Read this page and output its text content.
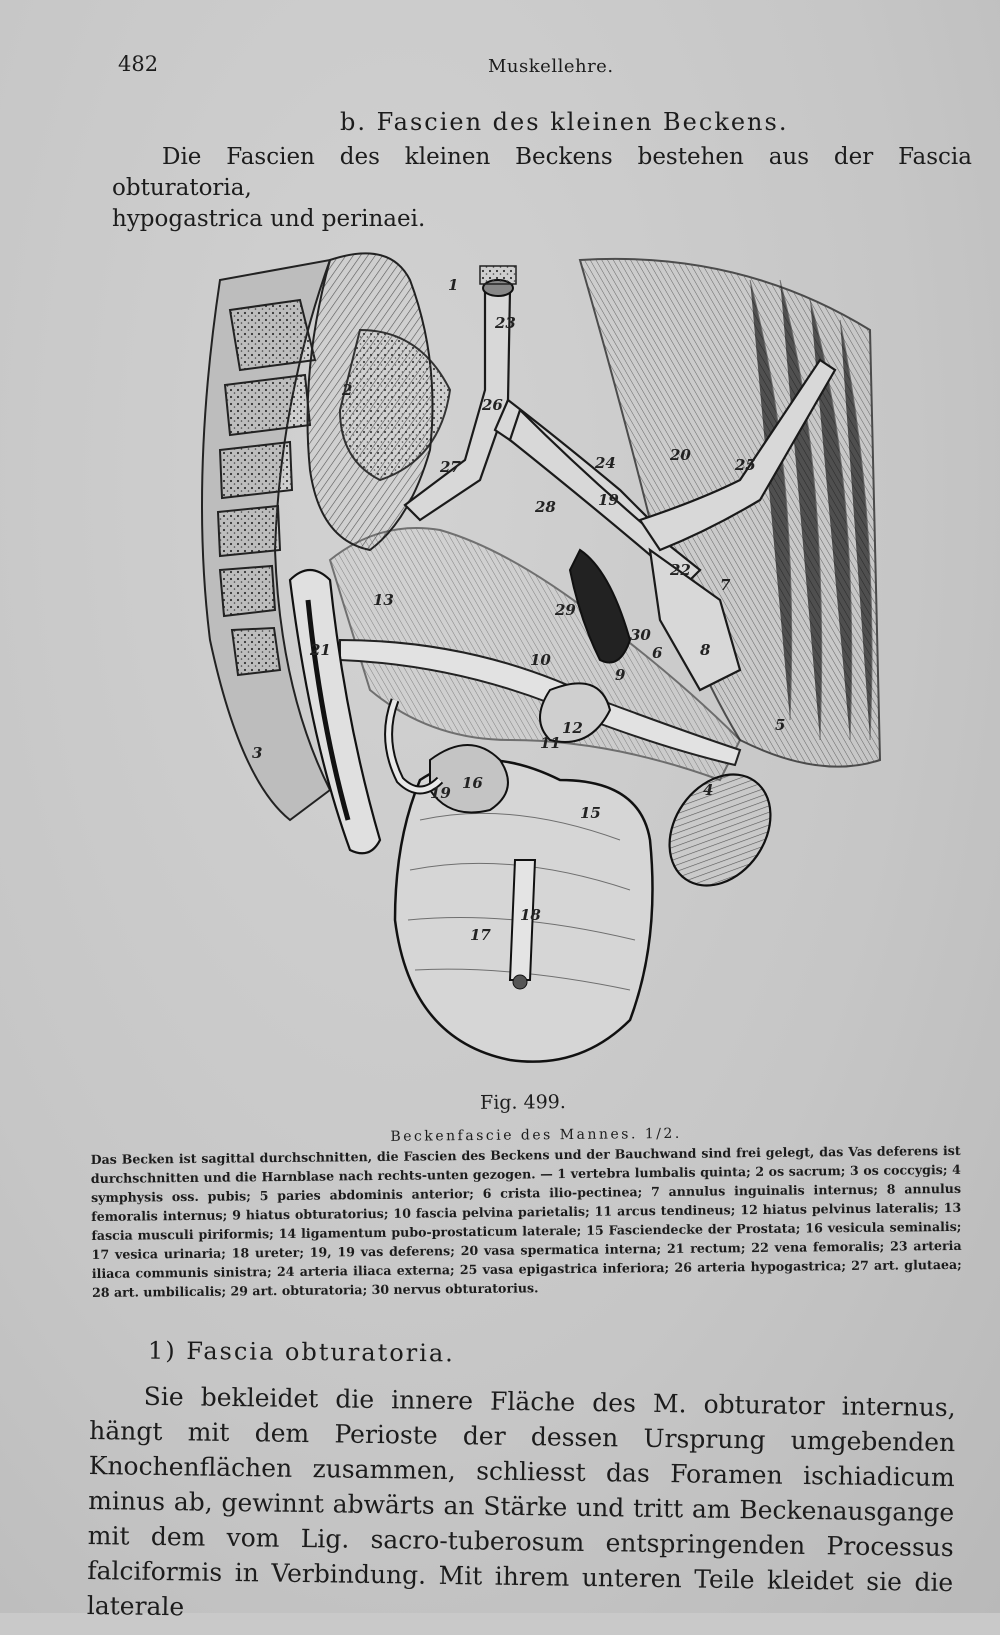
482	Muskellehre.
b. Fascien des kleinen Beckens.
Die Fascien des kleinen Beckens bestehen aus der Fascia obturatoria,
hypogastrica und perinaei.
1
2
3
4
5
6
7
8
9
10
11
12
13
15
16
17
18
19
19
20
21
22
23
24	25
26
27
28
29
30
Fig. 499.
Beckenfascie des Mannes. 1/2.
Das Becken ist sagittal durchschnitten, die Fascien des Beckens und der Bauchwand sind frei gelegt, das Vas deferens ist durchschnitten und die Harnblase nach rechts-unten gezogen. — 1 vertebra lumbalis quinta; 2 os sacrum; 3 os coccygis; 4 symphysis oss. pubis; 5 paries abdominis anterior; 6 crista ilio-pectinea; 7 annulus inguinalis internus; 8 annulus femoralis internus; 9 hiatus obturatorius; 10 fascia pelvina parietalis; 11 arcus tendineus; 12 hiatus pelvinus lateralis; 13 fascia musculi piriformis; 14 ligamentum pubo-prostaticum laterale; 15 Fasciendecke der Prostata; 16 vesicula seminalis; 17 vesica urinaria; 18 ureter; 19, 19 vas deferens; 20 vasa spermatica interna; 21 rectum; 22 vena femoralis; 23 arteria iliaca communis sinistra; 24 arteria iliaca externa; 25 vasa epigastrica inferiora; 26 arteria hypogastrica; 27 art. glutaea; 28 art. umbilicalis; 29 art. obturatoria; 30 nervus obturatorius.
1) Fascia obturatoria.

Sie bekleidet die innere Fläche des M. obturator internus, hängt mit dem Perioste der dessen Ursprung umgebenden Knochenflächen zusammen, schliesst das Foramen ischiadicum minus ab, gewinnt abwärts an Stärke und tritt am Beckenausgange mit dem vom Lig. sacro-tuberosum entspringenden Processus falciformis in Verbindung. Mit ihrem unteren Teile kleidet sie die laterale
